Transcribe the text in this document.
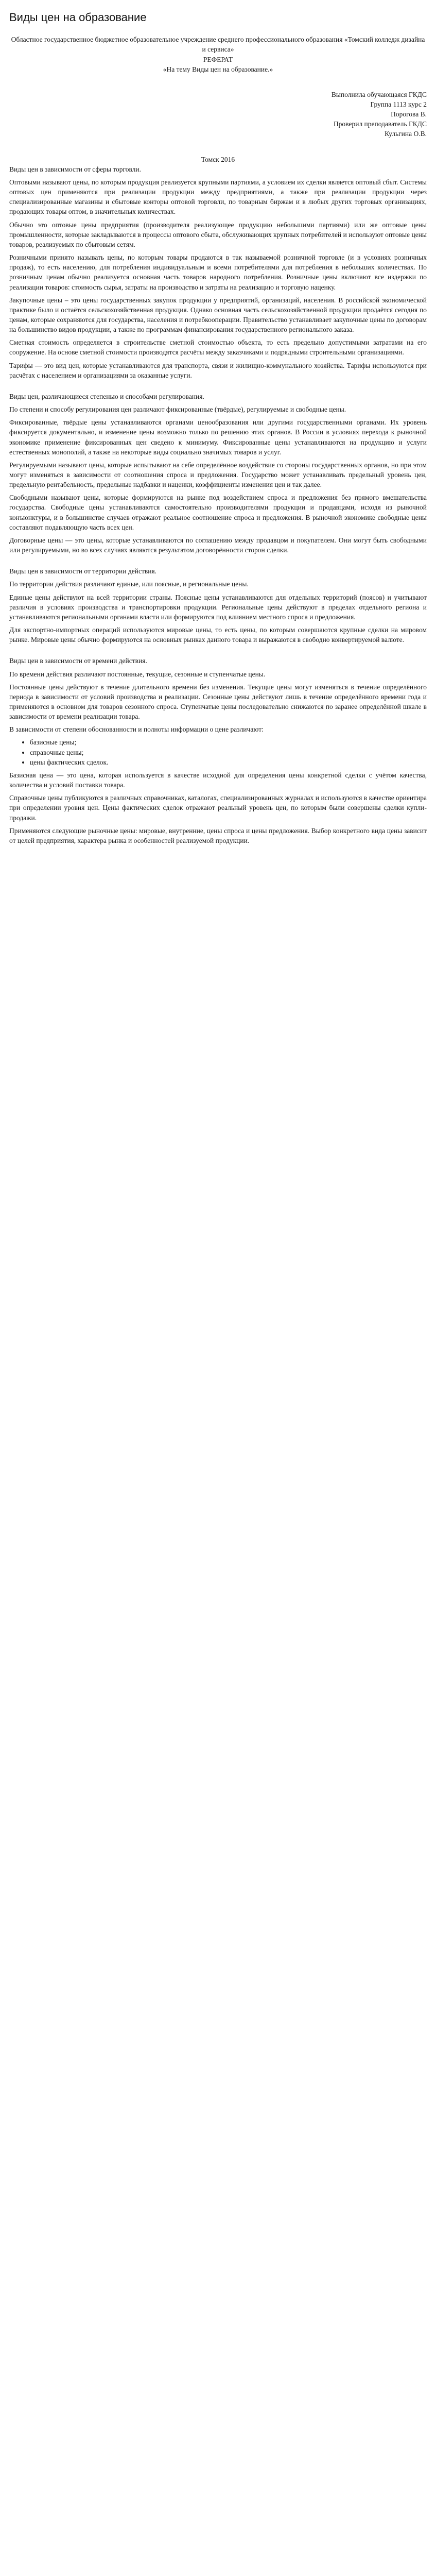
Виды цен на образование

Областное государственное бюджетное образовательное учреждение среднего профессионального образования «Томский колледж дизайна и сервиса»

РЕФЕРАТ

«На тему Виды цен на образование.»

Выполнила обучающаяся ГКДС

Группа 1113 курс 2

Порогова В.

Проверил преподаватель ГКДС

Кульгина О.В.

Томск 2016

Виды цен в зависимости от сферы торговли.

Оптовыми называют цены, по которым продукция реализуется крупными партиями, а условием их сделки является оптовый сбыт. Системы оптовых цен применяются при реализации продукции между предприятиями, а также при реализации продукции через специализированные магазины и сбытовые конторы оптовой торговли, по товарным биржам и в любых других торговых организациях, продающих товары оптом, в значительных количествах.

Обычно это оптовые цены предприятия (производителя реализующее продукцию небольшими партиями) или же оптовые цены промышленности, которые закладываются в процессы оптового сбыта, обслуживающих крупных потребителей и используют оптовые цены товаров, реализуемых по сбытовым сетям.

Розничными принято называть цены, по которым товары продаются в так называемой розничной торговле (и в условиях розничных продаж), то есть населению, для потребления индивидуальным и всеми потребителями для потребления в небольших количествах. По розничным ценам обычно реализуется основная часть товаров народного потребления. Розничные цены включают все издержки по реализации товаров: стоимость сырья, затраты на производство и затраты на реализацию и торговую наценку.

Закупочные цены – это цены государственных закупок продукции у предприятий, организаций, населения. В российской экономической практике было и остаётся сельскохозяйственная продукция. Однако основная часть сельскохозяйственной продукции продаётся сегодня по ценам, которые сохраняются для государства, населения и потребкооперации. Правительство устанавливает закупочные цены по договорам на большинство видов продукции, а также по программам финансирования государственного регионального заказа.

Сметная стоимость определяется в строительстве сметной стоимостью объекта, то есть предельно допустимыми затратами на его сооружение. На основе сметной стоимости производятся расчёты между заказчиками и подрядными строительными организациями.

Тарифы — это вид цен, которые устанавливаются для транспорта, связи и жилищно-коммунального хозяйства. Тарифы используются при расчётах с населением и организациями за оказанные услуги.

Виды цен, различающиеся степенью и способами регулирования.

По степени и способу регулирования цен различают фиксированные (твёрдые), регулируемые и свободные цены.

Фиксированные, твёрдые цены устанавливаются органами ценообразования или другими государственными органами. Их уровень фиксируется документально, и изменение цены возможно только по решению этих органов. В России в условиях перехода к рыночной экономике применение фиксированных цен сведено к минимуму. Фиксированные цены устанавливаются на продукцию и услуги естественных монополий, а также на некоторые виды социально значимых товаров и услуг.

Регулируемыми называют цены, которые испытывают на себе определённое воздействие со стороны государственных органов, но при этом могут изменяться в зависимости от соотношения спроса и предложения. Государство может устанавливать предельный уровень цен, предельную рентабельность, предельные надбавки и наценки, коэффициенты изменения цен и так далее.

Свободными называют цены, которые формируются на рынке под воздействием спроса и предложения без прямого вмешательства государства. Свободные цены устанавливаются самостоятельно производителями продукции и продавцами, исходя из рыночной конъюнктуры, и в большинстве случаев отражают реальное соотношение спроса и предложения. В рыночной экономике свободные цены составляют подавляющую часть всех цен.

Договорные цены — это цены, которые устанавливаются по соглашению между продавцом и покупателем. Они могут быть свободными или регулируемыми, но во всех случаях являются результатом договорённости сторон сделки.

Виды цен в зависимости от территории действия.

По территории действия различают единые, или поясные, и региональные цены.

Единые цены действуют на всей территории страны. Поясные цены устанавливаются для отдельных территорий (поясов) и учитывают различия в условиях производства и транспортировки продукции. Региональные цены действуют в пределах отдельного региона и устанавливаются региональными органами власти или формируются под влиянием местного спроса и предложения.

Для экспортно-импортных операций используются мировые цены, то есть цены, по которым совершаются крупные сделки на мировом рынке. Мировые цены обычно формируются на основных рынках данного товара и выражаются в свободно конвертируемой валюте.

Виды цен в зависимости от времени действия.

По времени действия различают постоянные, текущие, сезонные и ступенчатые цены.

Постоянные цены действуют в течение длительного времени без изменения. Текущие цены могут изменяться в течение определённого периода в зависимости от условий производства и реализации. Сезонные цены действуют лишь в течение определённого времени года и применяются в основном для товаров сезонного спроса. Ступенчатые цены последовательно снижаются по заранее определённой шкале в зависимости от времени реализации товара.

В зависимости от степени обоснованности и полноты информации о цене различают:

• базисные цены;
• справочные цены;
• цены фактических сделок.

Базисная цена — это цена, которая используется в качестве исходной для определения цены конкретной сделки с учётом качества, количества и условий поставки товара.

Справочные цены публикуются в различных справочниках, каталогах, специализированных журналах и используются в качестве ориентира при определении уровня цен. Цены фактических сделок отражают реальный уровень цен, по которым были совершены сделки купли-продажи.

Применяются следующие рыночные цены: мировые, внутренние, цены спроса и цены предложения. Выбор конкретного вида цены зависит от целей предприятия, характера рынка и особенностей реализуемой продукции.
